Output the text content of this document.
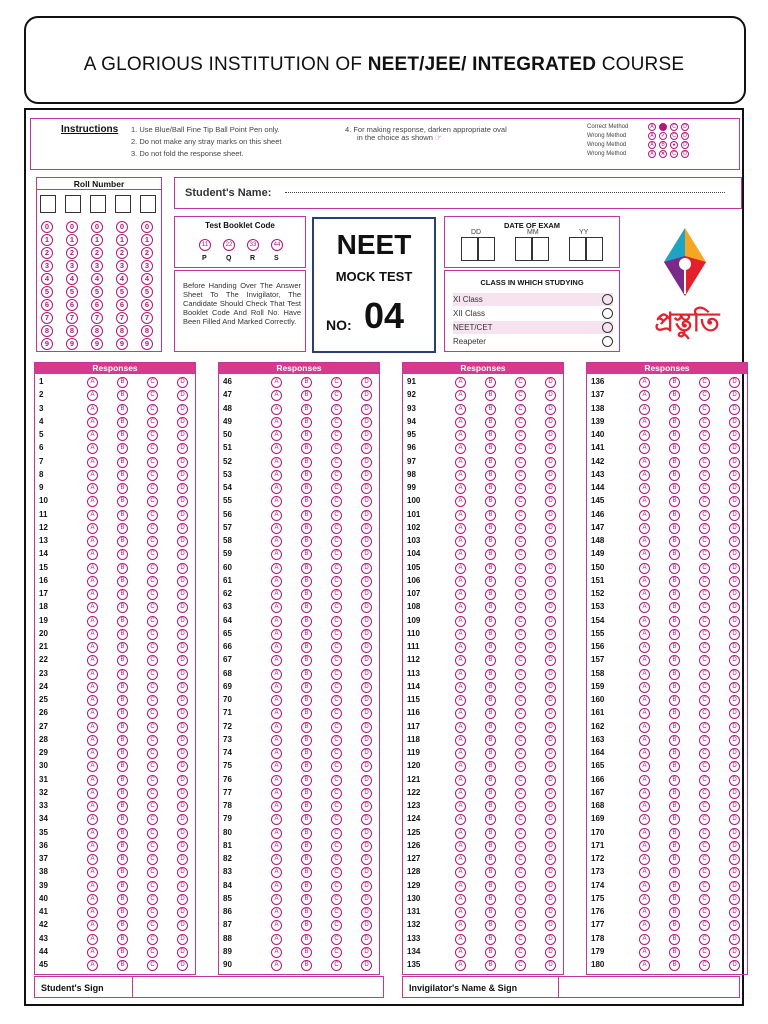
A GLORIOUS INSTITUTION OF NEET/JEE/ INTEGRATED COURSE
Instructions 1. Use Blue/Ball Fine Tip Ball Point Pen only.
2. Do not make any stray marks on this sheet
3. Do not fold the response sheet.
4. For making response, darken appropriate oval
in the choice as shown ☞
Correct Method	A	C	D
Wrong Method	A	✓	C	D
Wrong Method	A	B	●	D
Wrong Method	A	✕	C	D
Roll Number
0
1
2
3
4
5
6
7
8
9
0
1
2
3
4
5
6
7
8
9
0
1
2
3
4
5
6
7
8
9
0
1
2
3
4
5
6
7
8
9
0
1
2
3
4
5
6
7
8
9
Student's Name:
Test Booklet Code
11	22	33	44
P	Q	R	S
Before Handing Over The Answer Sheet To The Invigilator, The Candidate Should Check That Test Booklet Code And Roll No. Have Been Filled And Marked Correctly.
NEET
MOCK TEST
NO: 04
DATE OF EXAM
DD	MM	YY
CLASS IN WHICH STUDYING
XI Class
XII Class
NEET/CET
Reapeter
প্রস্তুতি
Responses
1	A	B	C	D
2	A	B	C	D
3	A	B	C	D
4	A	B	C	D
5	A	B	C	D
6	A	B	C	D
7	A	B	C	D
8	A	B	C	D
9	A	B	C	D
10	A	B	C	D
11	A	B	C	D
12	A	B	C	D
13	A	B	C	D
14	A	B	C	D
15	A	B	C	D
16	A	B	C	D
17	A	B	C	D
18	A	B	C	D
19	A	B	C	D
20	A	B	C	D
21	A	B	C	D
22	A	B	C	D
23	A	B	C	D
24	A	B	C	D
25	A	B	C	D
26	A	B	C	D
27	A	B	C	D
28	A	B	C	D
29	A	B	C	D
30	A	B	C	D
31	A	B	C	D
32	A	B	C	D
33	A	B	C	D
34	A	B	C	D
35	A	B	C	D
36	A	B	C	D
37	A	B	C	D
38	A	B	C	D
39	A	B	C	D
40	A	B	C	D
41	A	B	C	D
42	A	B	C	D
43	A	B	C	D
44	A	B	C	D
45	A	B	C	D
Responses
46	A	B	C	D
47	A	B	C	D
48	A	B	C	D
49	A	B	C	D
50	A	B	C	D
51	A	B	C	D
52	A	B	C	D
53	A	B	C	D
54	A	B	C	D
55	A	B	C	D
56	A	B	C	D
57	A	B	C	D
58	A	B	C	D
59	A	B	C	D
60	A	B	C	D
61	A	B	C	D
62	A	B	C	D
63	A	B	C	D
64	A	B	C	D
65	A	B	C	D
66	A	B	C	D
67	A	B	C	D
68	A	B	C	D
69	A	B	C	D
70	A	B	C	D
71	A	B	C	D
72	A	B	C	D
73	A	B	C	D
74	A	B	C	D
75	A	B	C	D
76	A	B	C	D
77	A	B	C	D
78	A	B	C	D
79	A	B	C	D
80	A	B	C	D
81	A	B	C	D
82	A	B	C	D
83	A	B	C	D
84	A	B	C	D
85	A	B	C	D
86	A	B	C	D
87	A	B	C	D
88	A	B	C	D
89	A	B	C	D
90	A	B	C	D
Responses
91	A	B	C	D
92	A	B	C	D
93	A	B	C	D
94	A	B	C	D
95	A	B	C	D
96	A	B	C	D
97	A	B	C	D
98	A	B	C	D
99	A	B	C	D
100	A	B	C	D
101	A	B	C	D
102	A	B	C	D
103	A	B	C	D
104	A	B	C	D
105	A	B	C	D
106	A	B	C	D
107	A	B	C	D
108	A	B	C	D
109	A	B	C	D
110	A	B	C	D
111	A	B	C	D
112	A	B	C	D
113	A	B	C	D
114	A	B	C	D
115	A	B	C	D
116	A	B	C	D
117	A	B	C	D
118	A	B	C	D
119	A	B	C	D
120	A	B	C	D
121	A	B	C	D
122	A	B	C	D
123	A	B	C	D
124	A	B	C	D
125	A	B	C	D
126	A	B	C	D
127	A	B	C	D
128	A	B	C	D
129	A	B	C	D
130	A	B	C	D
131	A	B	C	D
132	A	B	C	D
133	A	B	C	D
134	A	B	C	D
135	A	B	C	D
Responses
136	A	B	C	D
137	A	B	C	D
138	A	B	C	D
139	A	B	C	D
140	A	B	C	D
141	A	B	C	D
142	A	B	C	D
143	A	B	C	D
144	A	B	C	D
145	A	B	C	D
146	A	B	C	D
147	A	B	C	D
148	A	B	C	D
149	A	B	C	D
150	A	B	C	D
151	A	B	C	D
152	A	B	C	D
153	A	B	C	D
154	A	B	C	D
155	A	B	C	D
156	A	B	C	D
157	A	B	C	D
158	A	B	C	D
159	A	B	C	D
160	A	B	C	D
161	A	B	C	D
162	A	B	C	D
163	A	B	C	D
164	A	B	C	D
165	A	B	C	D
166	A	B	C	D
167	A	B	C	D
168	A	B	C	D
169	A	B	C	D
170	A	B	C	D
171	A	B	C	D
172	A	B	C	D
173	A	B	C	D
174	A	B	C	D
175	A	B	C	D
176	A	B	C	D
177	A	B	C	D
178	A	B	C	D
179	A	B	C	D
180	A	B	C	D
Student's Sign	Invigilator's Name & Sign
